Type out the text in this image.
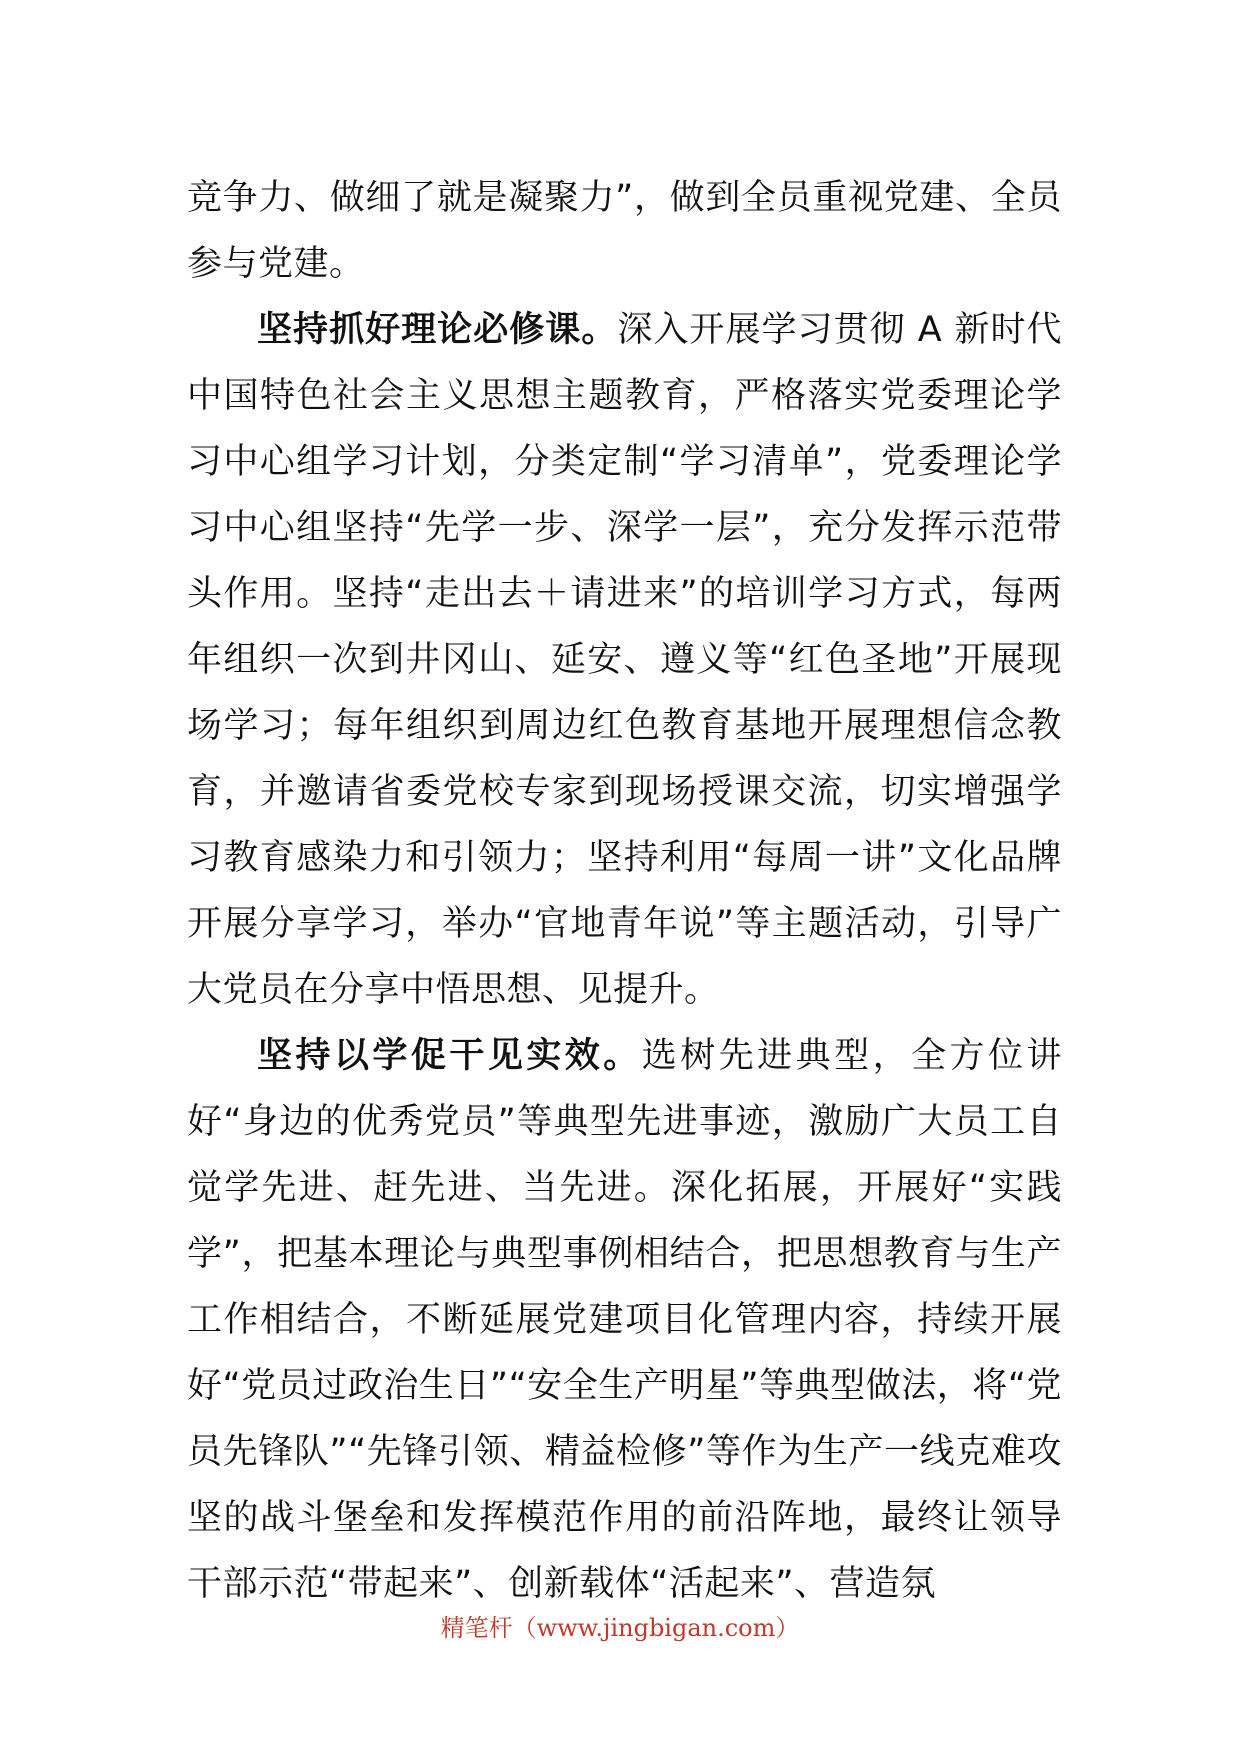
竞争力、做细了就是凝聚力”，做到全员重视党建、全员参与党建。

坚持抓好理论必修课。深入开展学习贯彻 A 新时代中国特色社会主义思想主题教育，严格落实党委理论学习中心组学习计划，分类定制“学习清单”，党委理论学习中心组坚持“先学一步、深学一层”，充分发挥示范带头作用。坚持“走出去＋请进来”的培训学习方式，每两年组织一次到井冈山、延安、遵义等“红色圣地”开展现场学习；每年组织到周边红色教育基地开展理想信念教育，并邀请省委党校专家到现场授课交流，切实增强学习教育感染力和引领力；坚持利用“每周一讲”文化品牌开展分享学习，举办“官地青年说”等主题活动，引导广大党员在分享中悟思想、见提升。

坚持以学促干见实效。选树先进典型，全方位讲好“身边的优秀党员”等典型先进事迹，激励广大员工自觉学先进、赶先进、当先进。深化拓展，开展好“实践学”，把基本理论与典型事例相结合，把思想教育与生产工作相结合，不断延展党建项目化管理内容，持续开展好“党员过政治生日”“安全生产明星”等典型做法，将“党员先锋队”“先锋引领、精益检修”等作为生产一线克难攻坚的战斗堡垒和发挥模范作用的前沿阵地，最终让领导干部示范“带起来”、创新载体“活起来”、营造氛

精笔杆（www.jingbigan.com）
